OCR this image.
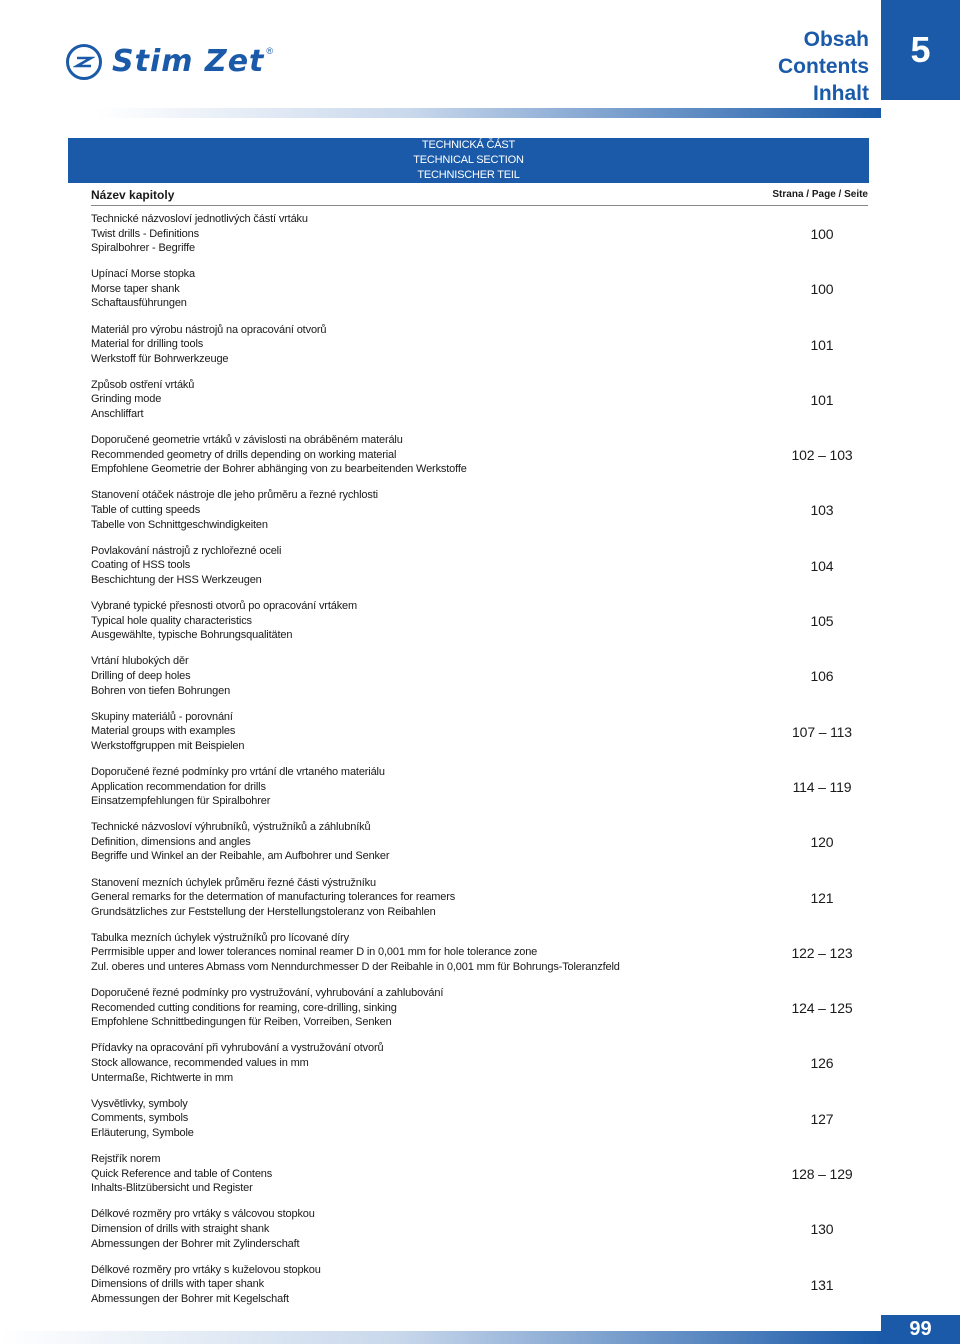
Stim Zet ®	Obsah
Contents
Inhalt
5
TECHNICKÁ ČÁST
TECHNICAL SECTION
TECHNISCHER TEIL
Název kapitoly	Strana / Page / Seite
Technické názvosloví jednotlivých částí vrtáku
Twist drills - Definitions
Spiralbohrer - Begriffe
100
Upínací Morse stopka
Morse taper shank
Schaftausführungen
100
Materiál pro výrobu nástrojů na opracování otvorů
Material for drilling tools
Werkstoff für Bohrwerkzeuge
101
Způsob ostření vrtáků
Grinding mode
Anschliffart
101
Doporučené geometrie vrtáků v závislosti na obráběném materálu
Recommended geometry of drills depending on working material
Empfohlene Geometrie der Bohrer abhänging von zu bearbeitenden Werkstoffe
102 – 103
Stanovení otáček nástroje dle jeho průměru a řezné rychlosti
Table of cutting speeds
Tabelle von Schnittgeschwindigkeiten
103
Povlakování nástrojů z rychlořezné oceli
Coating of HSS tools
Beschichtung der HSS Werkzeugen
104
Vybrané typické přesnosti otvorů po opracování vrtákem
Typical hole quality characteristics
Ausgewählte, typische Bohrungsqualitäten
105
Vrtání hlubokých děr
Drilling of deep holes
Bohren von tiefen Bohrungen
106
Skupiny materiálů - porovnání
Material groups with examples
Werkstoffgruppen mit Beispielen
107 – 113
Doporučené řezné podmínky pro vrtání dle vrtaného materiálu
Application recommendation for drills
Einsatzempfehlungen für Spiralbohrer
114 – 119
Technické názvosloví výhrubníků, výstružníků a záhlubníků
Definition, dimensions and angles
Begriffe und Winkel an der Reibahle, am Aufbohrer und Senker
120
Stanovení mezních úchylek průměru řezné části výstružníku
General remarks for the determation of manufacturing tolerances for reamers
Grundsätzliches zur Feststellung der Herstellungstoleranz von Reibahlen
121
Tabulka mezních úchylek výstružníků pro lícované díry
Perrmisible upper and lower tolerances nominal reamer D in 0,001 mm for hole tolerance zone
Zul. oberes und unteres Abmass vom Nenndurchmesser D der Reibahle in 0,001 mm für Bohrungs-Toleranzfeld
122 – 123
Doporučené řezné podmínky pro vystružování, vyhrubování a zahlubování
Recomended cutting conditions for reaming, core-drilling, sinking
Empfohlene Schnittbedingungen für Reiben, Vorreiben, Senken
124 – 125
Přídavky na opracování při vyhrubování a vystružování otvorů
Stock allowance, recommended values in mm
Untermaße, Richtwerte in mm
126
Vysvětlivky, symboly
Comments, symbols
Erläuterung, Symbole
127
Rejstřík norem
Quick Reference and table of Contens
Inhalts-Blitzübersicht und Register
128 – 129
Délkové rozměry pro vrtáky s válcovou stopkou
Dimension of drills with straight shank
Abmessungen der Bohrer mit Zylinderschaft
130
Délkové rozměry pro vrtáky s kuželovou stopkou
Dimensions of drills with taper shank
Abmessungen der Bohrer mit Kegelschaft
131
99
